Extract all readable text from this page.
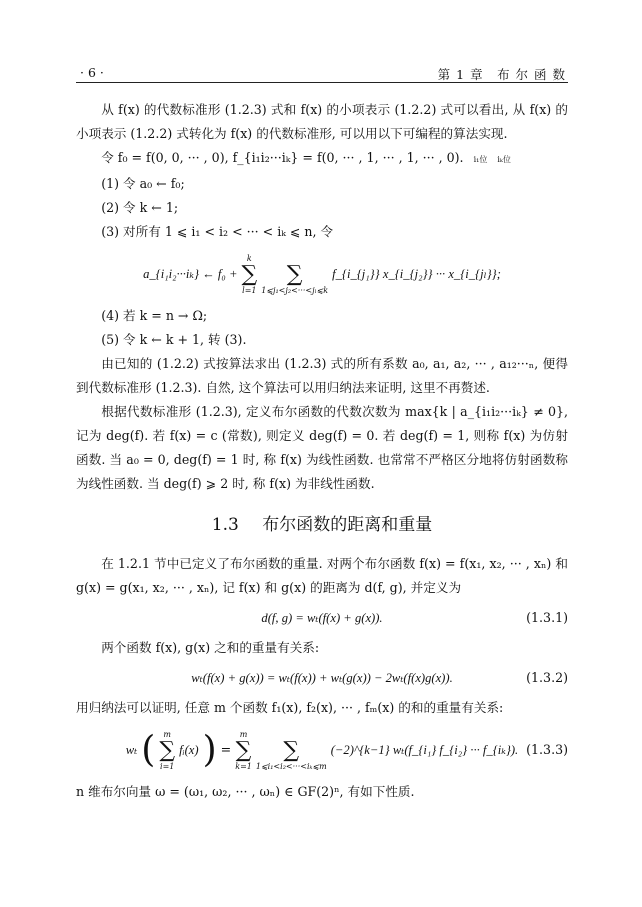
· 6 ·	第 1 章　布 尔 函 数

从 f(x) 的代数标准形 (1.2.3) 式和 f(x) 的小项表示 (1.2.2) 式可以看出, 从 f(x) 的小项表示 (1.2.2) 式转化为 f(x) 的代数标准形, 可以用以下可编程的算法实现.

令 f₀ = f(0, 0, ··· , 0), f_{i₁i₂···iₖ} = f(0, ··· , 1, ··· , 1, ··· , 0). i₁位 iₖ位

(1) 令 a₀ ← f₀;

(2) 令 k ← 1;

(3) 对所有 1 ⩽ i₁ < i₂ < ··· < iₖ ⩽ n, 令

a_{i₁i₂···iₖ} ← f₀ +
k
∑
l=1

∑
1⩽j₁<j₂<···<jₗ⩽k
f_{i_{j₁}} x_{i_{j₂}} ··· x_{i_{jₗ}};

(4) 若 k = n → Ω;

(5) 令 k ← k + 1, 转 (3).

由已知的 (1.2.2) 式按算法求出 (1.2.3) 式的所有系数 a₀, a₁, a₂, ··· , a₁₂···ₙ, 便得到代数标准形 (1.2.3). 自然, 这个算法可以用归纳法来证明, 这里不再赘述.

根据代数标准形 (1.2.3), 定义布尔函数的代数次数为 max{k | a_{i₁i₂···iₖ} ≠ 0}, 记为 deg(f). 若 f(x) = c (常数), 则定义 deg(f) = 0. 若 deg(f) = 1, 则称 f(x) 为仿射函数. 当 a₀ = 0, deg(f) = 1 时, 称 f(x) 为线性函数. 也常常不严格区分地将仿射函数称为线性函数. 当 deg(f) ⩾ 2 时, 称 f(x) 为非线性函数.

1.3 布尔函数的距离和重量

在 1.2.1 节中已定义了布尔函数的重量. 对两个布尔函数 f(x) = f(x₁, x₂, ··· , xₙ) 和 g(x) = g(x₁, x₂, ··· , xₙ), 记 f(x) 和 g(x) 的距离为 d(f, g), 并定义为

d(f, g) = wₜ(f(x) + g(x)).	(1.3.1)

两个函数 f(x), g(x) 之和的重量有关系:

wₜ(f(x) + g(x)) = wₜ(f(x)) + wₜ(g(x)) − 2wₜ(f(x)g(x)).	(1.3.2)

用归纳法可以证明, 任意 m 个函数 f₁(x), f₂(x), ··· , fₘ(x) 的和的重量有关系:

wₜ (	m
∑
i=1
fᵢ(x) ) =
m
∑
k=1

∑
1⩽i₁<i₂<···<iₖ⩽m
(−2)^{k−1} wₜ(f_{i₁} f_{i₂} ··· f_{iₖ}). (1.3.3)

n 维布尔向量 ω = (ω₁, ω₂, ··· , ωₙ) ∈ GF(2)ⁿ, 有如下性质.
